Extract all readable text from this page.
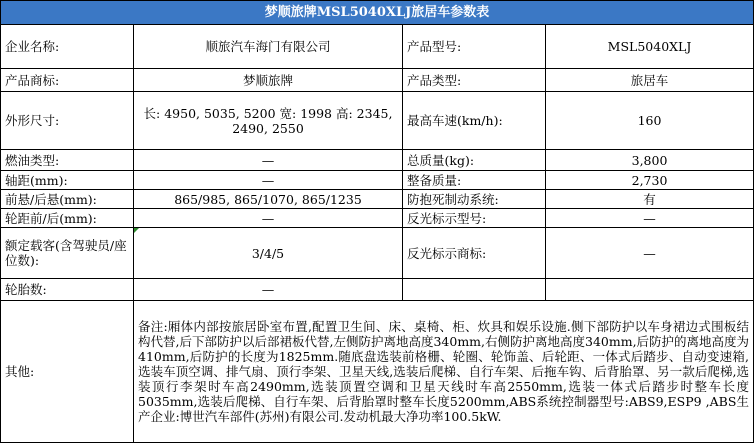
梦顺旅牌MSL5040XLJ旅居车参数表			
企业名称:	顺旅汽车海门有限公司	产品型号:	MSL5040XLJ
产品商标:	梦顺旅牌	产品类型:	旅居车
外形尺寸:	长: 4950, 5035, 5200 宽: 1998 高: 2345, 2490, 2550	最高车速(km/h):	160
燃油类型:	—	总质量(kg):	3,800
轴距(mm):	—	整备质量:	2,730
前悬/后悬(mm):	865/985, 865/1070, 865/1235	防抱死制动系统:	有
轮距前/后(mm):	—	反光标示型号:	—
额定载客(含驾驶员/座位数):	3/4/5	反光标示商标:	—
轮胎数:	—		
其他:	备注:厢体内部按旅居卧室布置,配置卫生间、床、桌椅、柜、炊具和娱乐设施.侧下部防护以车身裙边式围板结构代替,后下部防护以后部裙板代替,左侧防护离地高度340mm,右侧防护离地高度340mm,后防护的离地高度为410mm,后防护的长度为1825mm.随底盘选装前格栅、轮圈、轮饰盖、后轮距、一体式后踏步、自动变速箱,选装车顶空调、排气扇、顶行李架、卫星天线,选装后爬梯、自行车架、后拖车钩、后背胎罩、另一款后爬梯,选装顶行李架时车高2490mm,选装顶置空调和卫星天线时车高2550mm,选装一体式后踏步时整车长度5035mm,选装后爬梯、自行车架、后背胎罩时整车长度5200mm,ABS系统控制器型号:ABS9,ESP9 ,ABS生产企业:博世汽车部件(苏州)有限公司.发动机最大净功率100.5kW.		
